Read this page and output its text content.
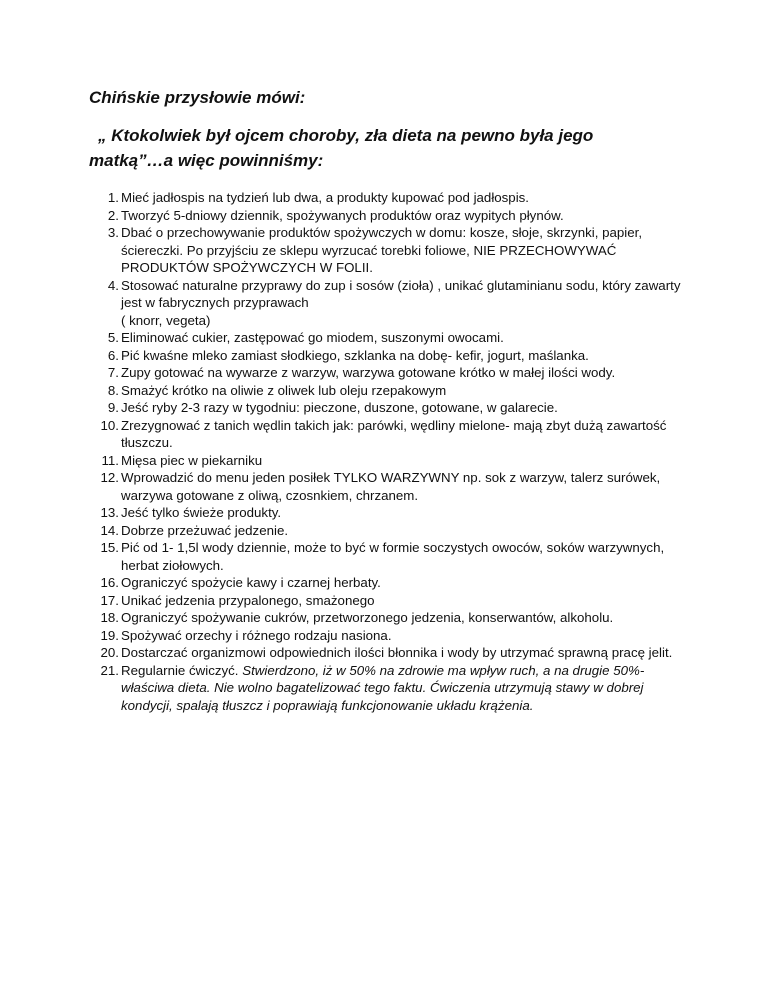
Chińskie przysłowie mówi:

„ Ktokolwiek był ojcem choroby, zła dieta na pewno była jego
matką”…a więc powinniśmy:

1. Mieć jadłospis na tydzień lub dwa, a produkty kupować pod jadłospis.
2. Tworzyć 5-dniowy dziennik, spożywanych produktów oraz wypitych płynów.
3. Dbać o przechowywanie produktów spożywczych w domu: kosze, słoje, skrzynki, papier, ściereczki. Po przyjściu ze sklepu wyrzucać torebki foliowe, NIE PRZECHOWYWAĆ PRODUKTÓW SPOŻYWCZYCH W FOLII.
4. Stosować naturalne przyprawy do zup i sosów (zioła) , unikać glutaminianu sodu, który zawarty jest w fabrycznych przyprawach
( knorr, vegeta)
5. Eliminować cukier, zastępować go miodem, suszonymi owocami.
6. Pić kwaśne mleko zamiast słodkiego, szklanka na dobę- kefir, jogurt, maślanka.
7. Zupy gotować na wywarze z warzyw, warzywa gotowane krótko w małej ilości wody.
8. Smażyć krótko na oliwie z oliwek lub oleju rzepakowym
9. Jeść ryby 2-3 razy w tygodniu: pieczone, duszone, gotowane, w galarecie.
10. Zrezygnować z tanich wędlin takich jak: parówki, wędliny mielone- mają zbyt dużą zawartość tłuszczu.
11. Mięsa piec w piekarniku
12. Wprowadzić do menu jeden posiłek TYLKO WARZYWNY np. sok z warzyw, talerz surówek, warzywa gotowane z oliwą, czosnkiem, chrzanem.
13. Jeść tylko świeże produkty.
14. Dobrze przeżuwać jedzenie.
15. Pić od 1- 1,5l wody dziennie, może to być w formie soczystych owoców, soków warzywnych, herbat ziołowych.
16. Ograniczyć spożycie kawy i czarnej herbaty.
17. Unikać jedzenia przypalonego, smażonego
18. Ograniczyć spożywanie cukrów, przetworzonego jedzenia, konserwantów, alkoholu.
19. Spożywać orzechy i różnego rodzaju nasiona.
20. Dostarczać organizmowi odpowiednich ilości błonnika i wody by utrzymać sprawną pracę jelit.
21. Regularnie ćwiczyć. Stwierdzono, iż w 50% na zdrowie ma wpływ ruch, a na drugie 50%- właściwa dieta. Nie wolno bagatelizować tego faktu. Ćwiczenia utrzymują stawy w dobrej kondycji, spalają tłuszcz i poprawiają funkcjonowanie układu krążenia.
